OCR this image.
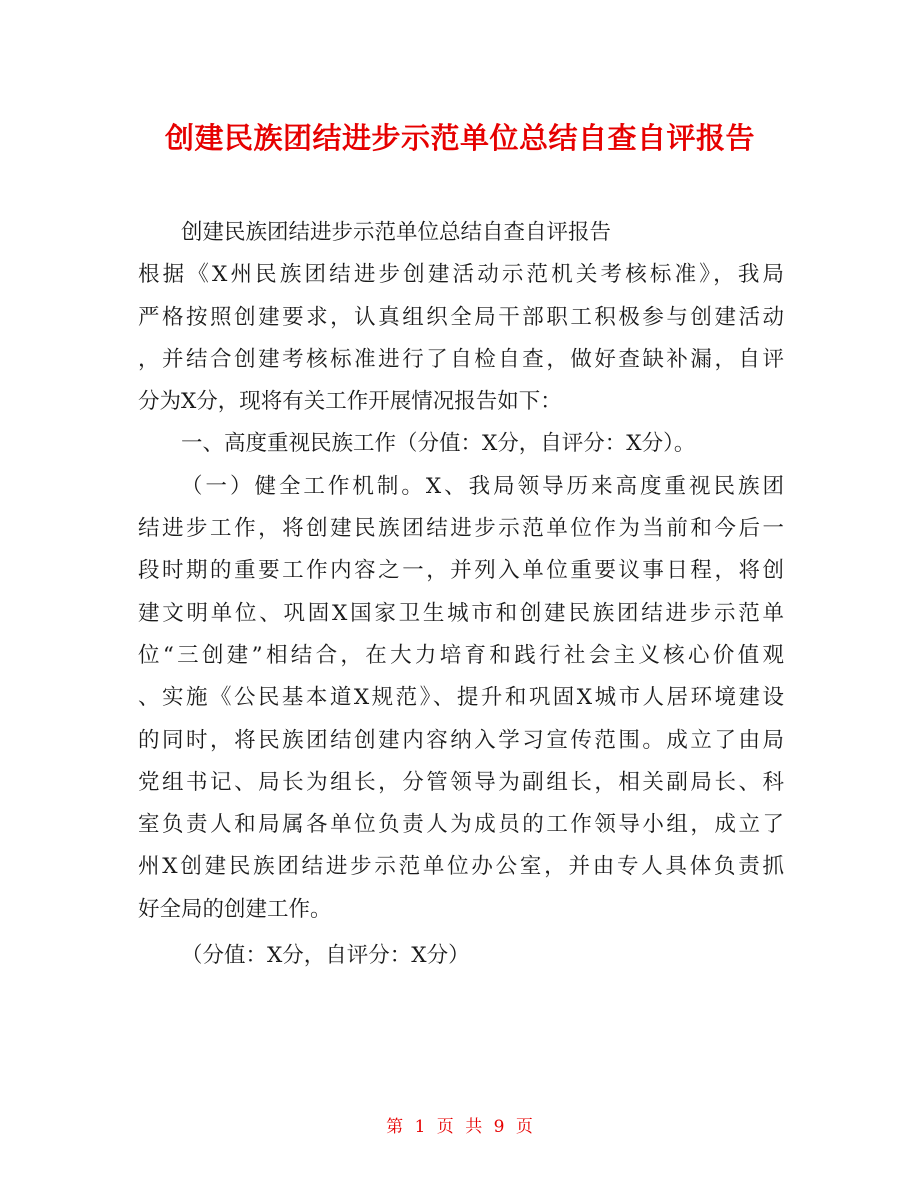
创建民族团结进步示范单位总结自查自评报告
创建民族团结进步示范单位总结自查自评报告
根据《X州民族团结进步创建活动示范机关考核标准》，我局
严格按照创建要求，认真组织全局干部职工积极参与创建活动
，并结合创建考核标准进行了自检自查，做好查缺补漏，自评
分为X分，现将有关工作开展情况报告如下：
一、高度重视民族工作（分值：X分，自评分：X分）。
（一）健全工作机制。X、我局领导历来高度重视民族团
结进步工作，将创建民族团结进步示范单位作为当前和今后一
段时期的重要工作内容之一，并列入单位重要议事日程，将创
建文明单位、巩固X国家卫生城市和创建民族团结进步示范单
位“三创建”相结合，在大力培育和践行社会主义核心价值观
、实施《公民基本道X规范》、提升和巩固X城市人居环境建设
的同时，将民族团结创建内容纳入学习宣传范围。成立了由局
党组书记、局长为组长，分管领导为副组长，相关副局长、科
室负责人和局属各单位负责人为成员的工作领导小组，成立了
州X创建民族团结进步示范单位办公室，并由专人具体负责抓
好全局的创建工作。
（分值：X分，自评分：X分）
第 1 页 共 9 页
